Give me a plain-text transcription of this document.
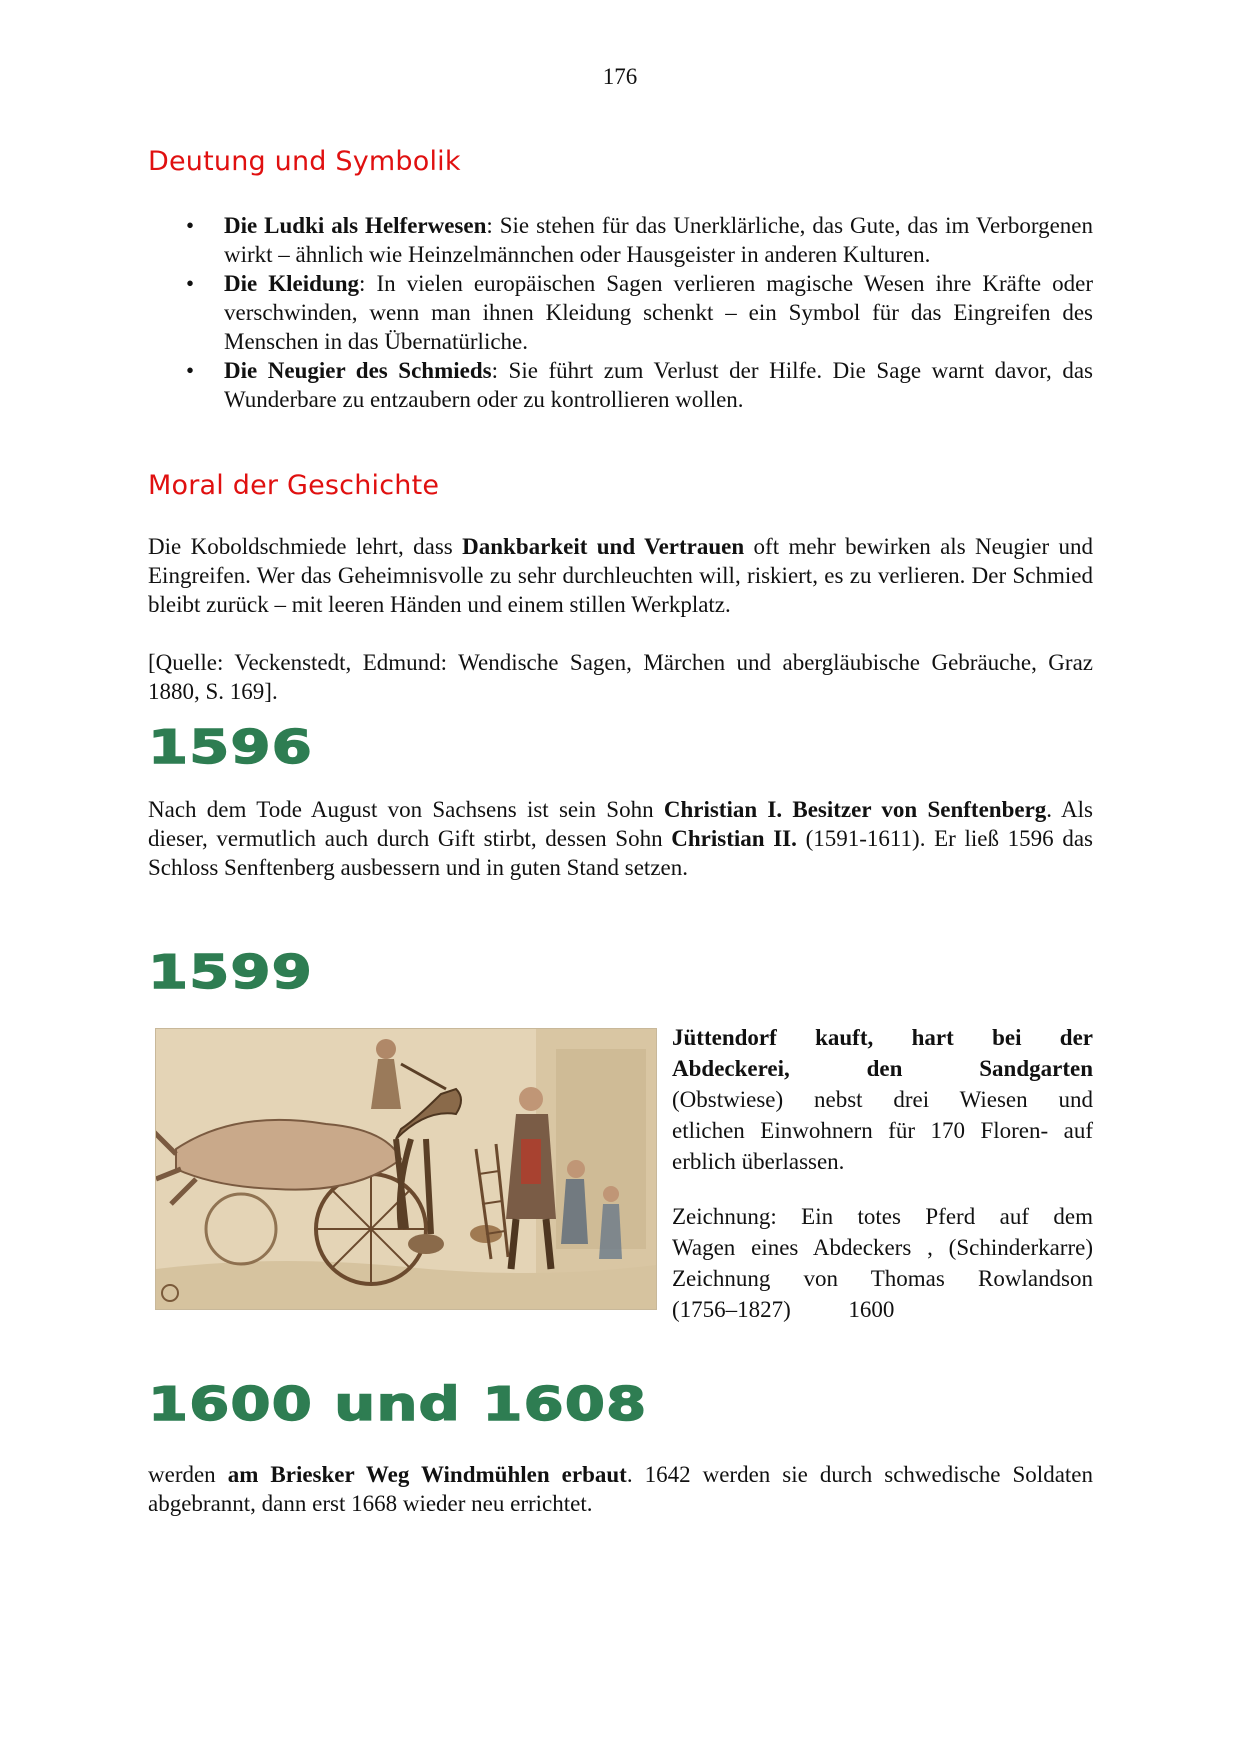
176
Deutung und Symbolik
• Die Ludki als Helferwesen: Sie stehen für das Unerklärliche, das Gute, das im Verborgenen wirkt – ähnlich wie Heinzelmännchen oder Hausgeister in anderen Kulturen.
• Die Kleidung: In vielen europäischen Sagen verlieren magische Wesen ihre Kräfte oder verschwinden, wenn man ihnen Kleidung schenkt – ein Symbol für das Eingreifen des Menschen in das Übernatürliche.
• Die Neugier des Schmieds: Sie führt zum Verlust der Hilfe. Die Sage warnt davor, das Wunderbare zu entzaubern oder zu kontrollieren wollen.
Moral der Geschichte

Die Koboldschmiede lehrt, dass Dankbarkeit und Vertrauen oft mehr bewirken als Neugier und Eingreifen. Wer das Geheimnisvolle zu sehr durchleuchten will, riskiert, es zu verlieren. Der Schmied bleibt zurück – mit leeren Händen und einem stillen Werkplatz.

[Quelle: Veckenstedt, Edmund: Wendische Sagen, Märchen und abergläubische Gebräuche, Graz 1880, S. 169].

1596

Nach dem Tode August von Sachsens ist sein Sohn Christian I. Besitzer von Senftenberg. Als dieser, vermutlich auch durch Gift stirbt, dessen Sohn Christian II. (1591-1611). Er ließ 1596 das Schloss Senftenberg ausbessern und in guten Stand setzen.

1599

Jüttendorf kauft, hart bei der

Abdeckerei, den Sandgarten

(Obstwiese) nebst drei Wiesen und

etlichen Einwohnern für 170 Floren- auf

erblich überlassen.

Zeichnung: Ein totes Pferd auf dem

Wagen eines Abdeckers , (Schinderkarre)

Zeichnung von Thomas Rowlandson

(1756–1827)          1600

1600 und 1608

werden am Briesker Weg Windmühlen erbaut. 1642 werden sie durch schwedische Soldaten abgebrannt, dann erst 1668 wieder neu errichtet.
